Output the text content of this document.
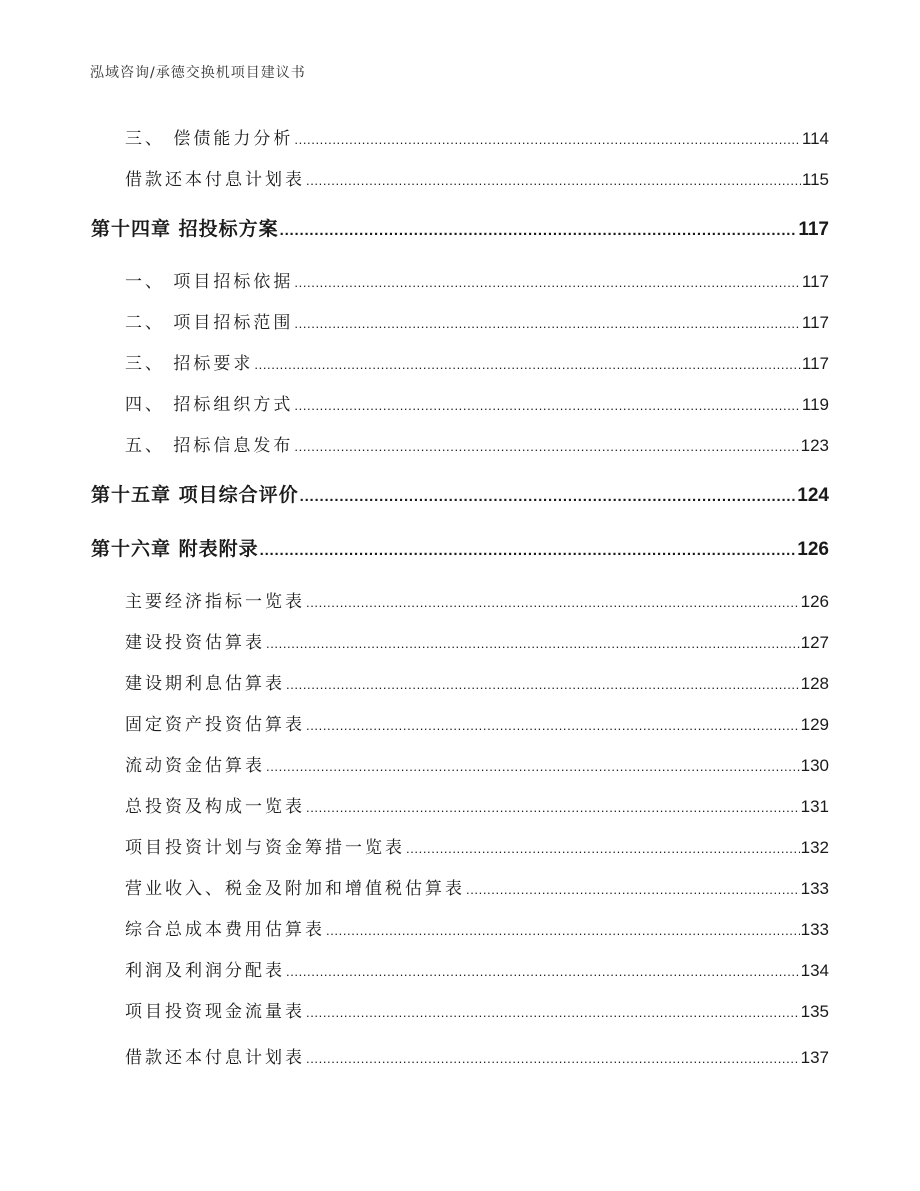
泓域咨询/承德交换机项目建议书
三、 偿债能力分析 .....	114
借款还本付息计划表 .....	115
第十四章 招投标方案 .....	117
一、 项目招标依据 .....	117
二、 项目招标范围 .....	117
三、 招标要求 .....	117
四、 招标组织方式 .....	119
五、 招标信息发布 .....	123
第十五章 项目综合评价 .....	124
第十六章 附表附录 .....	126
主要经济指标一览表 .....	126
建设投资估算表 .....	127
建设期利息估算表 .....	128
固定资产投资估算表 .....	129
流动资金估算表 .....	130
总投资及构成一览表 .....	131
项目投资计划与资金筹措一览表 .....	132
营业收入、税金及附加和增值税估算表 .....	133
综合总成本费用估算表 .....	133
利润及利润分配表 .....	134
项目投资现金流量表 .....	135
借款还本付息计划表 .....	137
